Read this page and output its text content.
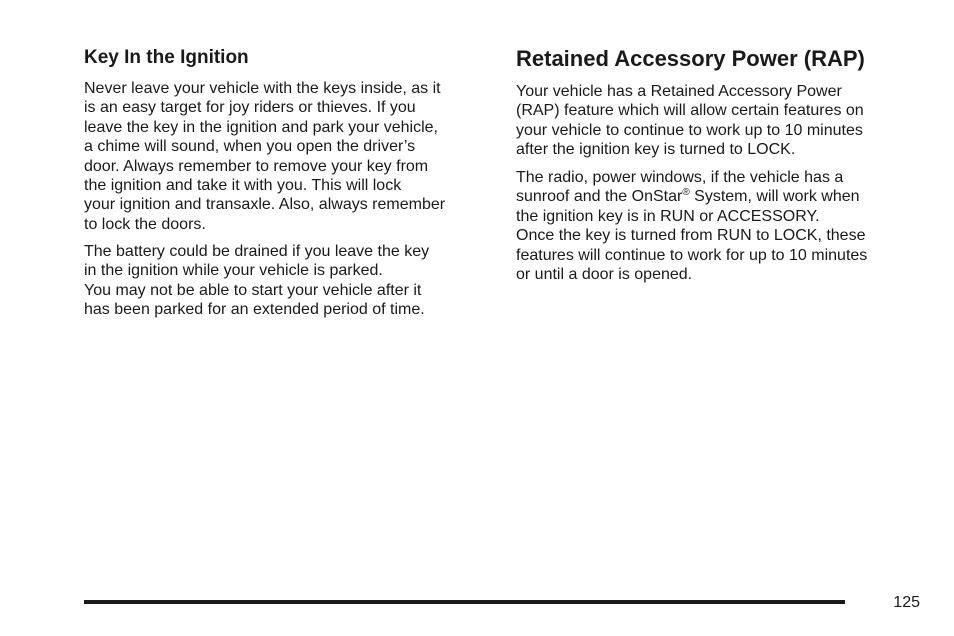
Key In the Ignition

Never leave your vehicle with the keys inside, as it
is an easy target for joy riders or thieves. If you
leave the key in the ignition and park your vehicle,
a chime will sound, when you open the driver’s
door. Always remember to remove your key from
the ignition and take it with you. This will lock
your ignition and transaxle. Also, always remember
to lock the doors.

The battery could be drained if you leave the key
in the ignition while your vehicle is parked.
You may not be able to start your vehicle after it
has been parked for an extended period of time.

Retained Accessory Power (RAP)

Your vehicle has a Retained Accessory Power
(RAP) feature which will allow certain features on
your vehicle to continue to work up to 10 minutes
after the ignition key is turned to LOCK.

The radio, power windows, if the vehicle has a
sunroof and the OnStar® System, will work when
the ignition key is in RUN or ACCESSORY.
Once the key is turned from RUN to LOCK, these
features will continue to work for up to 10 minutes
or until a door is opened.

125
